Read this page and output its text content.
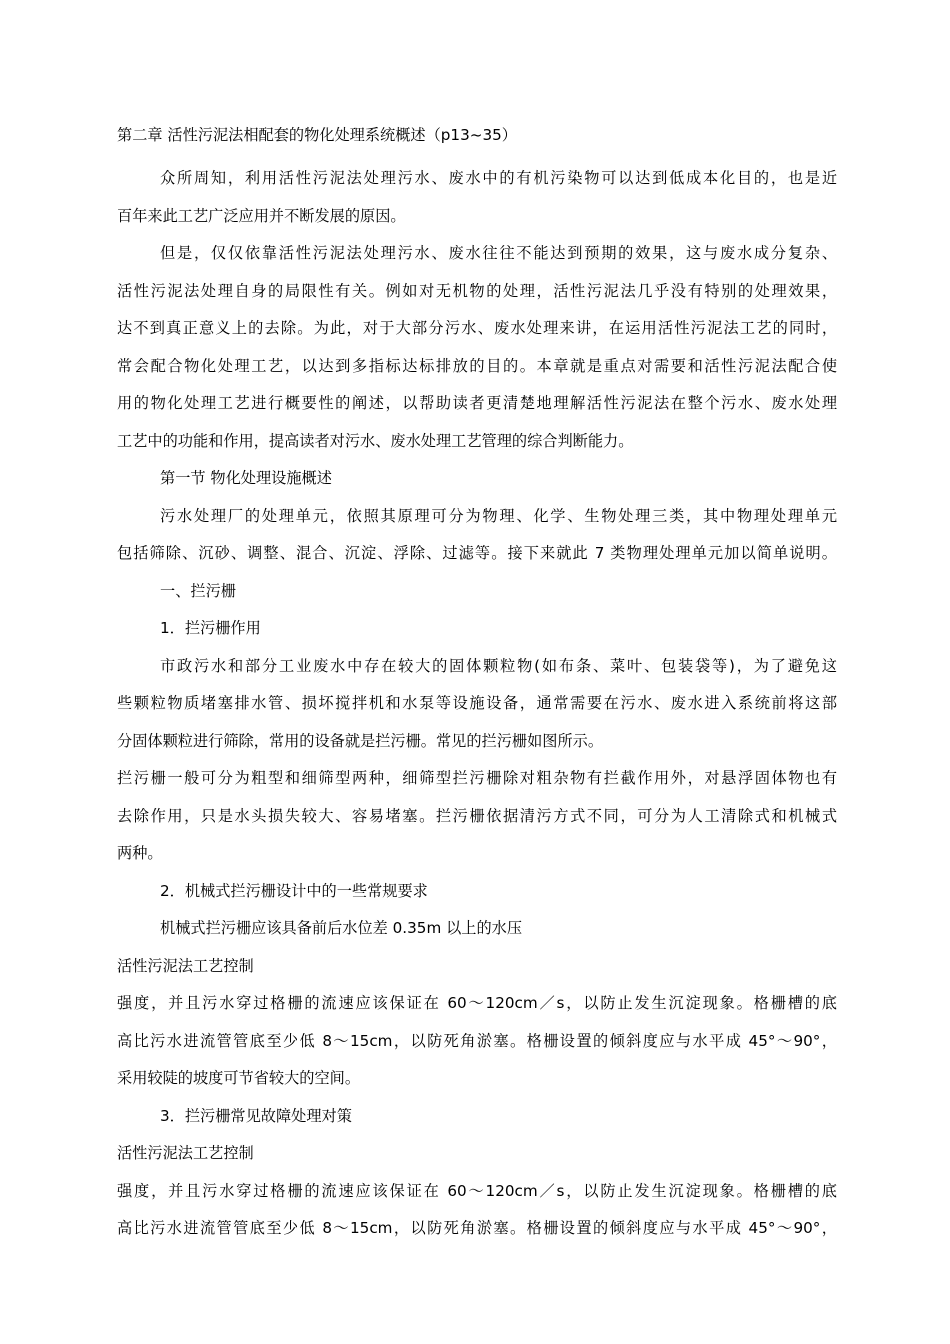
第二章 活性污泥法相配套的物化处理系统概述（p13~35）
众所周知，利用活性污泥法处理污水、废水中的有机污染物可以达到低成本化目的，也是近
百年来此工艺广泛应用并不断发展的原因。
但是，仅仅依靠活性污泥法处理污水、废水往往不能达到预期的效果，这与废水成分复杂、
活性污泥法处理自身的局限性有关。例如对无机物的处理，活性污泥法几乎没有特别的处理效果，
达不到真正意义上的去除。为此，对于大部分污水、废水处理来讲，在运用活性污泥法工艺的同时，
常会配合物化处理工艺，以达到多指标达标排放的目的。本章就是重点对需要和活性污泥法配合使
用的物化处理工艺进行概要性的阐述，以帮助读者更清楚地理解活性污泥法在整个污水、废水处理
工艺中的功能和作用，提高读者对污水、废水处理工艺管理的综合判断能力。
第一节 物化处理设施概述
污水处理厂的处理单元，依照其原理可分为物理、化学、生物处理三类，其中物理处理单元
包括筛除、沉砂、调整、混合、沉淀、浮除、过滤等。接下来就此 7 类物理处理单元加以简单说明。
一、拦污栅
1．拦污栅作用
市政污水和部分工业废水中存在较大的固体颗粒物(如布条、菜叶、包装袋等)，为了避免这
些颗粒物质堵塞排水管、损坏搅拌机和水泵等设施设备，通常需要在污水、废水进入系统前将这部
分固体颗粒进行筛除，常用的设备就是拦污栅。常见的拦污栅如图所示。
拦污栅一般可分为粗型和细筛型两种，细筛型拦污栅除对粗杂物有拦截作用外，对悬浮固体物也有
去除作用，只是水头损失较大、容易堵塞。拦污栅依据清污方式不同，可分为人工清除式和机械式
两种。
2．机械式拦污栅设计中的一些常规要求
机械式拦污栅应该具备前后水位差 0.35m 以上的水压
活性污泥法工艺控制
强度，并且污水穿过格栅的流速应该保证在 60～120cm／s，以防止发生沉淀现象。格栅槽的底
高比污水进流管管底至少低 8～15cm，以防死角淤塞。格栅设置的倾斜度应与水平成 45°～90°，
采用较陡的坡度可节省较大的空间。
3．拦污栅常见故障处理对策
活性污泥法工艺控制
强度，并且污水穿过格栅的流速应该保证在 60～120cm／s，以防止发生沉淀现象。格栅槽的底
高比污水进流管管底至少低 8～15cm，以防死角淤塞。格栅设置的倾斜度应与水平成 45°～90°，
